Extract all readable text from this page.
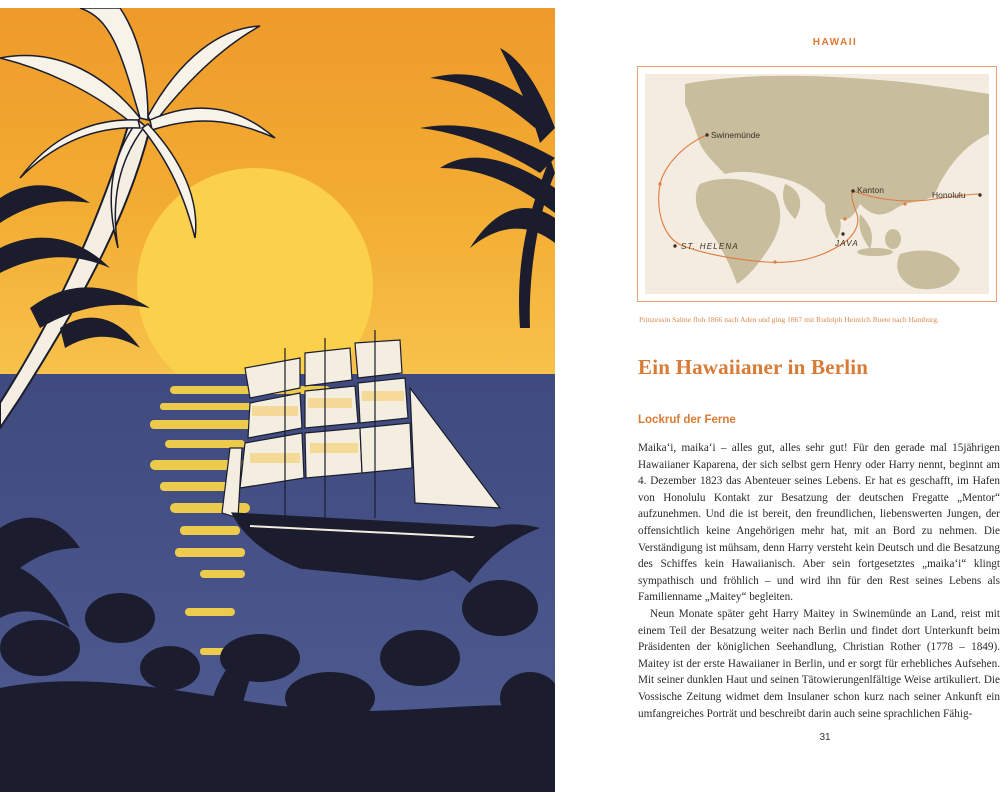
HAWAII
Swinemünde
Kanton	Honolulu
ST. HELENA	JAVA
Prinzessin Salme floh 1866 nach Aden und ging 1867 mit Rudolph Heinrich Ruete nach Hamburg.
Ein Hawaiianer in Berlin
Lockruf der Ferne

Maika‘i, maika‘i – alles gut, alles sehr gut! Für den gerade mal 15jährigen Hawaiianer Kaparena, der sich selbst gern Henry oder Harry nennt, beginnt am 4. Dezember 1823 das Abenteuer seines Lebens. Er hat es geschafft, im Hafen von Honolulu Kontakt zur Besatzung der deutschen Fregatte „Mentor“ aufzunehmen. Und die ist bereit, den freundlichen, liebenswerten Jungen, der offensichtlich keine Angehörigen mehr hat, mit an Bord zu nehmen. Die Verständigung ist mühsam, denn Harry versteht kein Deutsch und die Besatzung des Schiffes kein Hawaiianisch. Aber sein fortgesetztes „maika‘i“ klingt sympathisch und fröhlich – und wird ihn für den Rest seines Lebens als Familienname „Maitey“ begleiten.

Neun Monate später geht Harry Maitey in Swinemünde an Land, reist mit einem Teil der Besatzung weiter nach Berlin und findet dort Unterkunft beim Präsidenten der königlichen Seehandlung, Christian Rother (1778 – 1849). Maitey ist der erste Hawaiianer in Berlin, und er sorgt für erhebliches Aufsehen. Mit seiner dunklen Haut und seinen Tätowierungenlfältige Weise artikuliert. Die Vossische Zeitung widmet dem Insulaner schon kurz nach seiner Ankunft ein umfangreiches Porträt und beschreibt darin auch seine sprachlichen Fähig-

31
